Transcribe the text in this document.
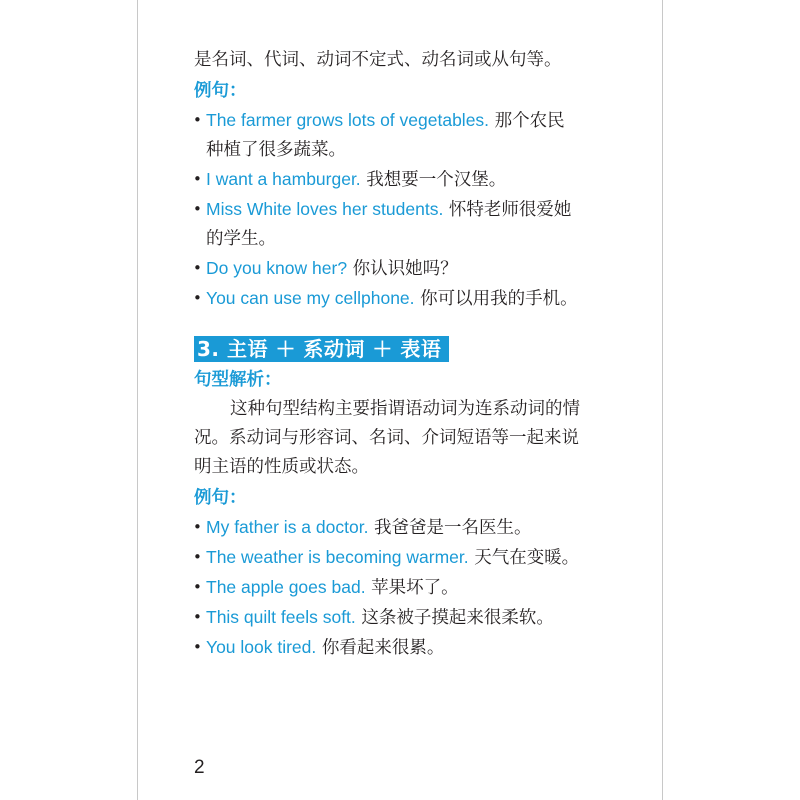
是名词、代词、动词不定式、动名词或从句等。
例句：
• The farmer grows lots of vegetables. 那个农民
种植了很多蔬菜。
• I want a hamburger. 我想要一个汉堡。
• Miss White loves her students. 怀特老师很爱她
的学生。
• Do you know her? 你认识她吗？
• You can use my cellphone. 你可以用我的手机。
3. 主语 ＋ 系动词 ＋ 表语
句型解析：
这种句型结构主要指谓语动词为连系动词的情
况。系动词与形容词、名词、介词短语等一起来说
明主语的性质或状态。
例句：
• My father is a doctor. 我爸爸是一名医生。
• The weather is becoming warmer. 天气在变暖。
• The apple goes bad. 苹果坏了。
• This quilt feels soft. 这条被子摸起来很柔软。
• You look tired. 你看起来很累。
2
